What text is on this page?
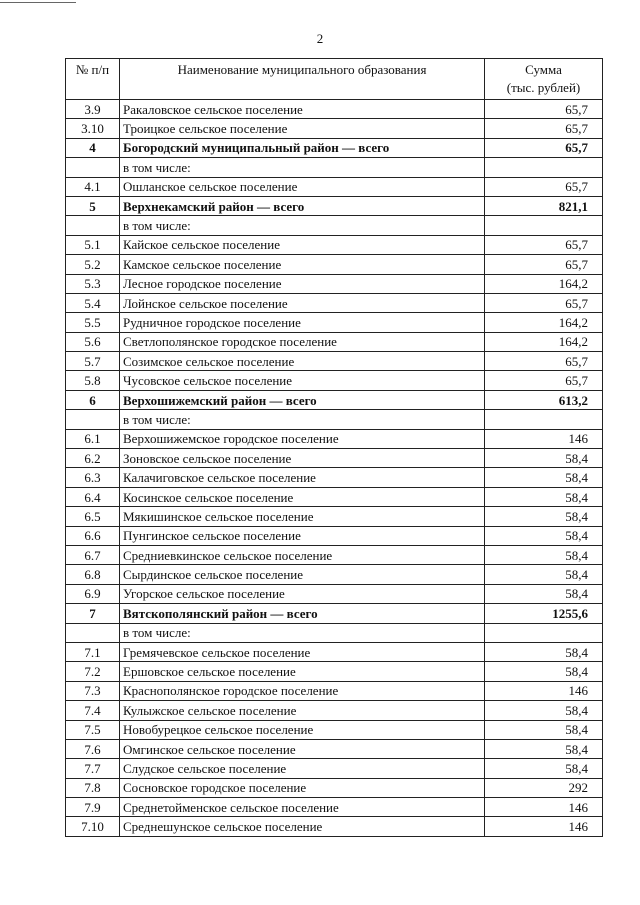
2
№ п/п	Наименование муниципального образования	Сумма
(тыс. рублей)

3.9	Ракаловское сельское поселение	65,7
3.10	Троицкое сельское поселение	65,7
4	Богородский муниципальный район — всего	65,7
	в том числе:	
4.1	Ошланское сельское поселение	65,7
5	Верхнекамский район — всего	821,1
	в том числе:	
5.1	Кайское сельское поселение	65,7
5.2	Камское сельское поселение	65,7
5.3	Лесное городское поселение	164,2
5.4	Лойнское сельское поселение	65,7
5.5	Рудничное городское поселение	164,2
5.6	Светлополянское городское поселение	164,2
5.7	Созимское сельское поселение	65,7
5.8	Чусовское сельское поселение	65,7
6	Верхошижемский район — всего	613,2
	в том числе:	
6.1	Верхошижемское городское поселение	146
6.2	Зоновское сельское поселение	58,4
6.3	Калачиговское сельское поселение	58,4
6.4	Косинское сельское поселение	58,4
6.5	Мякишинское сельское поселение	58,4
6.6	Пунгинское сельское поселение	58,4
6.7	Средниевкинское сельское поселение	58,4
6.8	Сырдинское сельское поселение	58,4
6.9	Угорское сельское поселение	58,4
7	Вятскополянский район — всего	1255,6
	в том числе:	
7.1	Гремячевское сельское поселение	58,4
7.2	Ершовское сельское поселение	58,4
7.3	Краснополянское городское поселение	146
7.4	Кулыжское сельское поселение	58,4
7.5	Новобурецкое сельское поселение	58,4
7.6	Омгинское сельское поселение	58,4
7.7	Слудское сельское поселение	58,4
7.8	Сосновское городское поселение	292
7.9	Среднетойменское сельское поселение	146
7.10	Среднешунское сельское поселение	146
